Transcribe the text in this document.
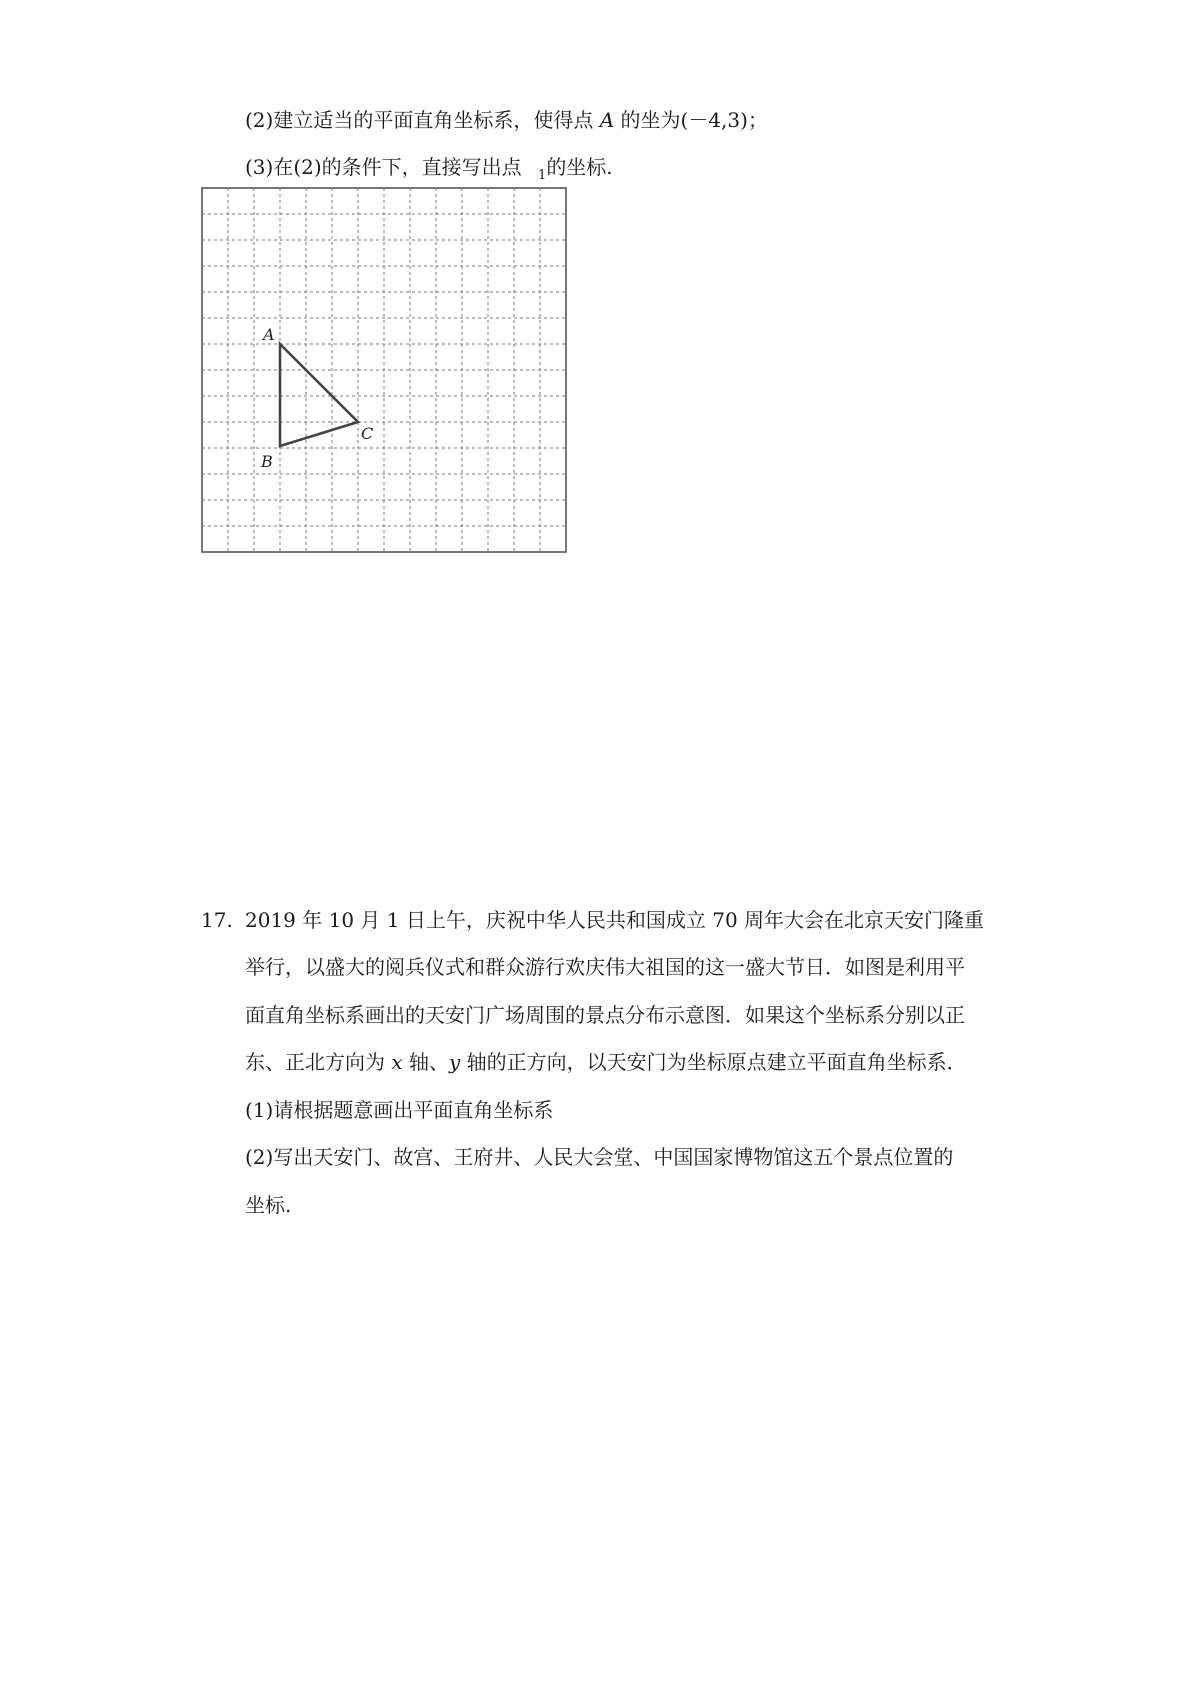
(2)建立适当的平面直角坐标系，使得点 A 的坐为(－4,3)；
(3)在(2)的条件下，直接写出点 $_1$的坐标.
A
B
C
17. 2019 年 10 月 1 日上午，庆祝中华人民共和国成立 70 周年大会在北京天安门隆重
举行，以盛大的阅兵仪式和群众游行欢庆伟大祖国的这一盛大节日．如图是利用平
面直角坐标系画出的天安门广场周围的景点分布示意图．如果这个坐标系分别以正
东、正北方向为 x 轴、y 轴的正方向，以天安门为坐标原点建立平面直角坐标系．
(1)请根据题意画出平面直角坐标系
(2)写出天安门、故宫、王府井、人民大会堂、中国国家博物馆这五个景点位置的
坐标.
